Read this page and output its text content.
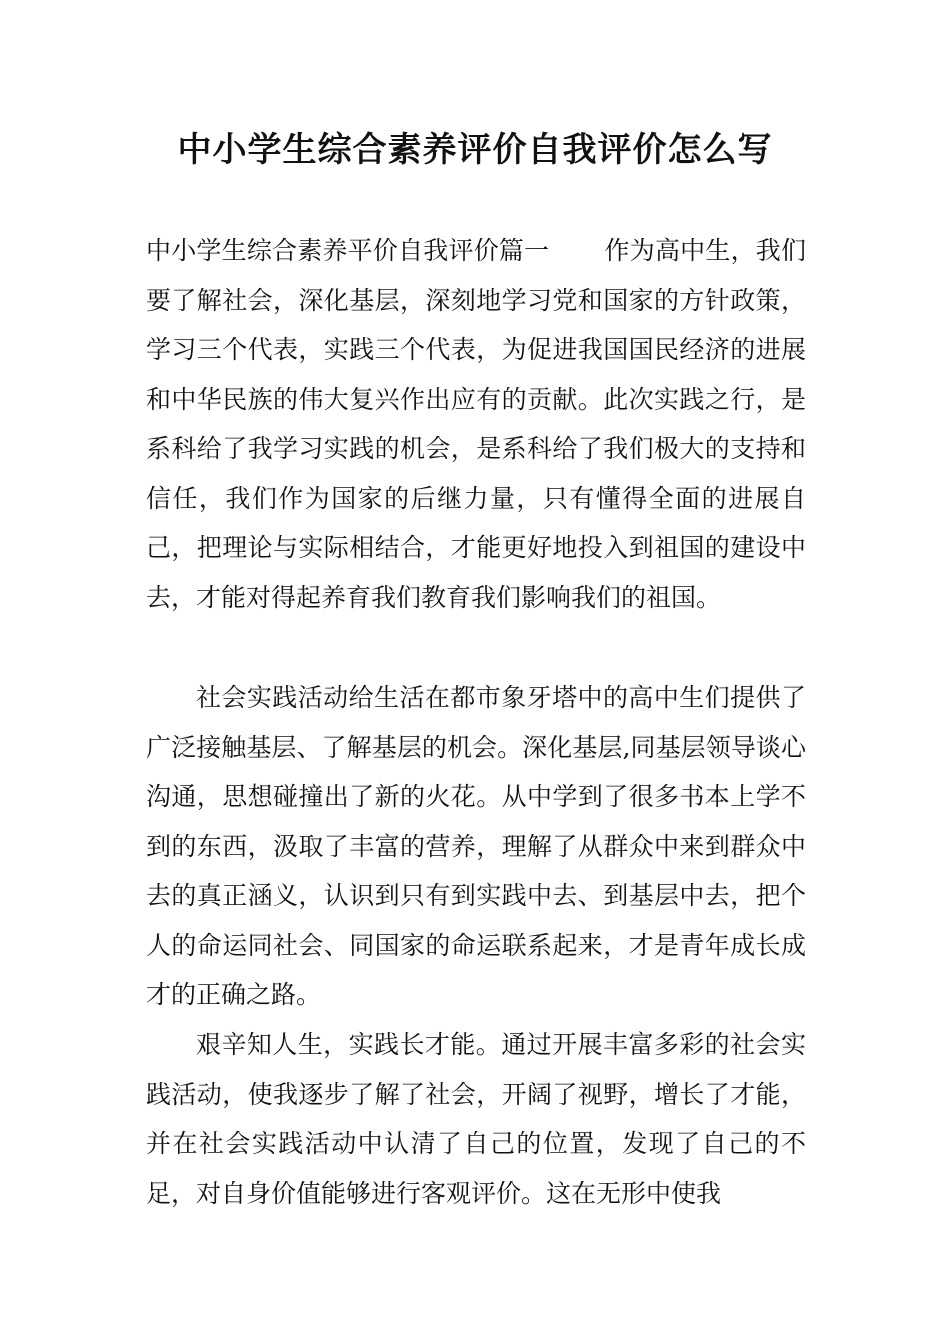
中小学生综合素养评价自我评价怎么写

中小学生综合素养平价自我评价篇一 作为高中生，我们要了解社会，深化基层，深刻地学习党和国家的方针政策，学习三个代表，实践三个代表，为促进我国国民经济的进展和中华民族的伟大复兴作出应有的贡献。此次实践之行，是系科给了我学习实践的机会，是系科给了我们极大的支持和信任，我们作为国家的后继力量，只有懂得全面的进展自己，把理论与实际相结合，才能更好地投入到祖国的建设中去，才能对得起养育我们教育我们影响我们的祖国。

社会实践活动给生活在都市象牙塔中的高中生们提供了广泛接触基层、了解基层的机会。深化基层,同基层领导谈心沟通，思想碰撞出了新的火花。从中学到了很多书本上学不到的东西，汲取了丰富的营养，理解了从群众中来到群众中去的真正涵义，认识到只有到实践中去、到基层中去，把个人的命运同社会、同国家的命运联系起来，才是青年成长成才的正确之路。

艰辛知人生，实践长才能。通过开展丰富多彩的社会实践活动，使我逐步了解了社会，开阔了视野，增长了才能，并在社会实践活动中认清了自己的位置，发现了自己的不足，对自身价值能够进行客观评价。这在无形中使我
